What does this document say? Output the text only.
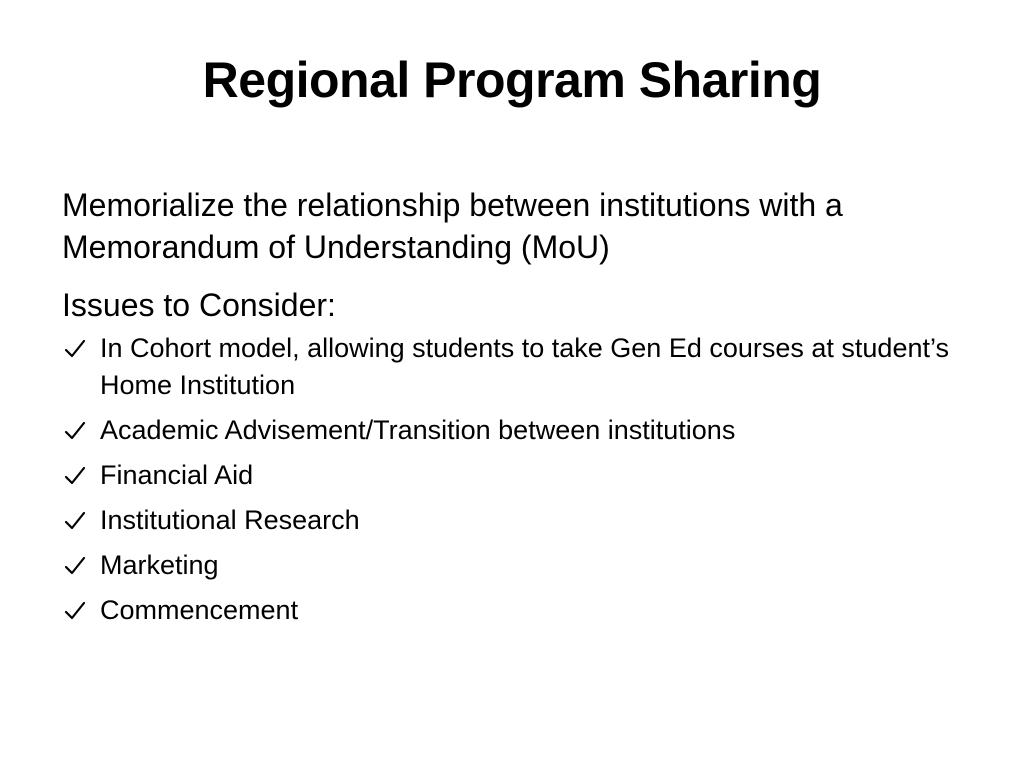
Regional Program Sharing
Memorialize the relationship between institutions with a Memorandum of Understanding (MoU)
Issues to Consider:
In Cohort model, allowing students to take Gen Ed courses at student’s Home Institution
Academic Advisement/Transition between institutions
Financial Aid
Institutional Research
Marketing
Commencement
